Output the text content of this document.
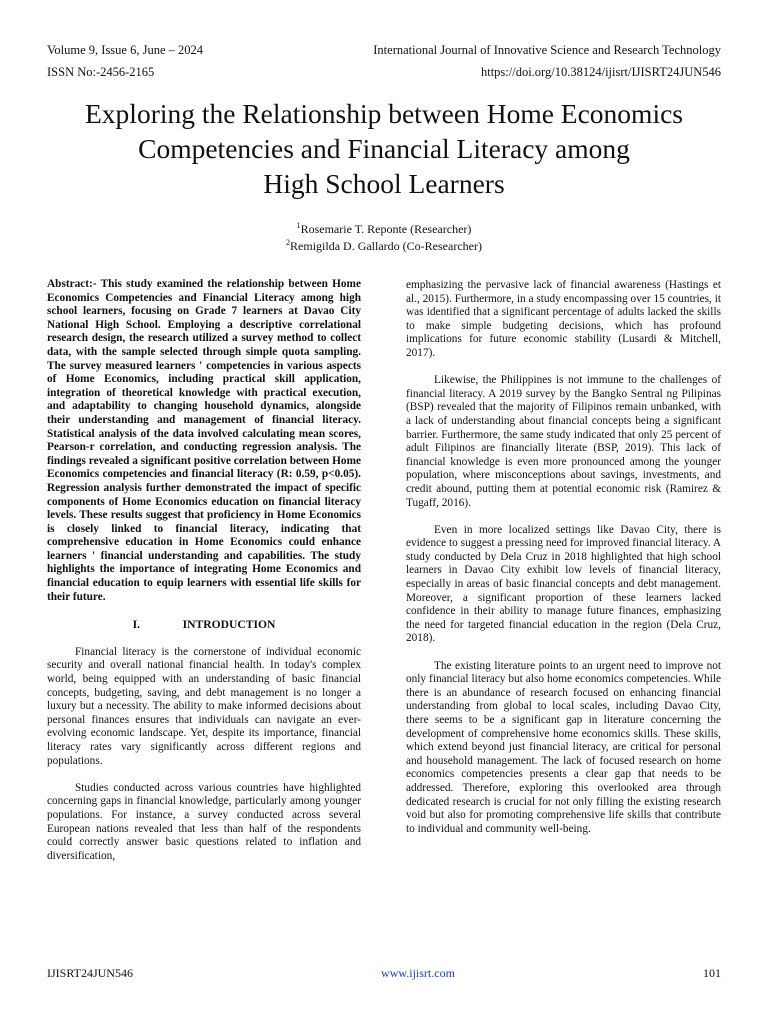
Volume 9, Issue 6, June – 2024	International Journal of Innovative Science and Research Technology
ISSN No:-2456-2165	https://doi.org/10.38124/ijisrt/IJISRT24JUN546
Exploring the Relationship between Home Economics
Competencies and Financial Literacy among
High School Learners
$^1$Rosemarie T. Reponte (Researcher)
$^2$Remigilda D. Gallardo (Co-Researcher)

Abstract:- This study examined the relationship between Home Economics Competencies and Financial Literacy among high school learners, focusing on Grade 7 learners at Davao City National High School. Employing a descriptive correlational research design, the research utilized a survey method to collect data, with the sample selected through simple quota sampling. The survey measured learners ' competencies in various aspects of Home Economics, including practical skill application, integration of theoretical knowledge with practical execution, and adaptability to changing household dynamics, alongside their understanding and management of financial literacy. Statistical analysis of the data involved calculating mean scores, Pearson-r correlation, and conducting regression analysis. The findings revealed a significant positive correlation between Home Economics competencies and financial literacy (R: 0.59, p<0.05). Regression analysis further demonstrated the impact of specific components of Home Economics education on financial literacy levels. These results suggest that proficiency in Home Economics is closely linked to financial literacy, indicating that comprehensive education in Home Economics could enhance learners ' financial understanding and capabilities. The study highlights the importance of integrating Home Economics and financial education to equip learners with essential life skills for their future.

I.	INTRODUCTION

Financial literacy is the cornerstone of individual economic security and overall national financial health. In today's complex world, being equipped with an understanding of basic financial concepts, budgeting, saving, and debt management is no longer a luxury but a necessity. The ability to make informed decisions about personal finances ensures that individuals can navigate an ever-evolving economic landscape. Yet, despite its importance, financial literacy rates vary significantly across different regions and populations.

Studies conducted across various countries have highlighted concerning gaps in financial knowledge, particularly among younger populations. For instance, a survey conducted across several European nations revealed that less than half of the respondents could correctly answer basic questions related to inflation and diversification,

emphasizing the pervasive lack of financial awareness (Hastings et al., 2015). Furthermore, in a study encompassing over 15 countries, it was identified that a significant percentage of adults lacked the skills to make simple budgeting decisions, which has profound implications for future economic stability (Lusardi & Mitchell, 2017).

Likewise, the Philippines is not immune to the challenges of financial literacy. A 2019 survey by the Bangko Sentral ng Pilipinas (BSP) revealed that the majority of Filipinos remain unbanked, with a lack of understanding about financial concepts being a significant barrier. Furthermore, the same study indicated that only 25 percent of adult Filipinos are financially literate (BSP, 2019). This lack of financial knowledge is even more pronounced among the younger population, where misconceptions about savings, investments, and credit abound, putting them at potential economic risk (Ramirez & Tugaff, 2016).

Even in more localized settings like Davao City, there is evidence to suggest a pressing need for improved financial literacy. A study conducted by Dela Cruz in 2018 highlighted that high school learners in Davao City exhibit low levels of financial literacy, especially in areas of basic financial concepts and debt management. Moreover, a significant proportion of these learners lacked confidence in their ability to manage future finances, emphasizing the need for targeted financial education in the region (Dela Cruz, 2018).

The existing literature points to an urgent need to improve not only financial literacy but also home economics competencies. While there is an abundance of research focused on enhancing financial understanding from global to local scales, including Davao City, there seems to be a significant gap in literature concerning the development of comprehensive home economics skills. These skills, which extend beyond just financial literacy, are critical for personal and household management. The lack of focused research on home economics competencies presents a clear gap that needs to be addressed. Therefore, exploring this overlooked area through dedicated research is crucial for not only filling the existing research void but also for promoting comprehensive life skills that contribute to individual and community well-being.

IJISRT24JUN546	www.ijisrt.com	101
